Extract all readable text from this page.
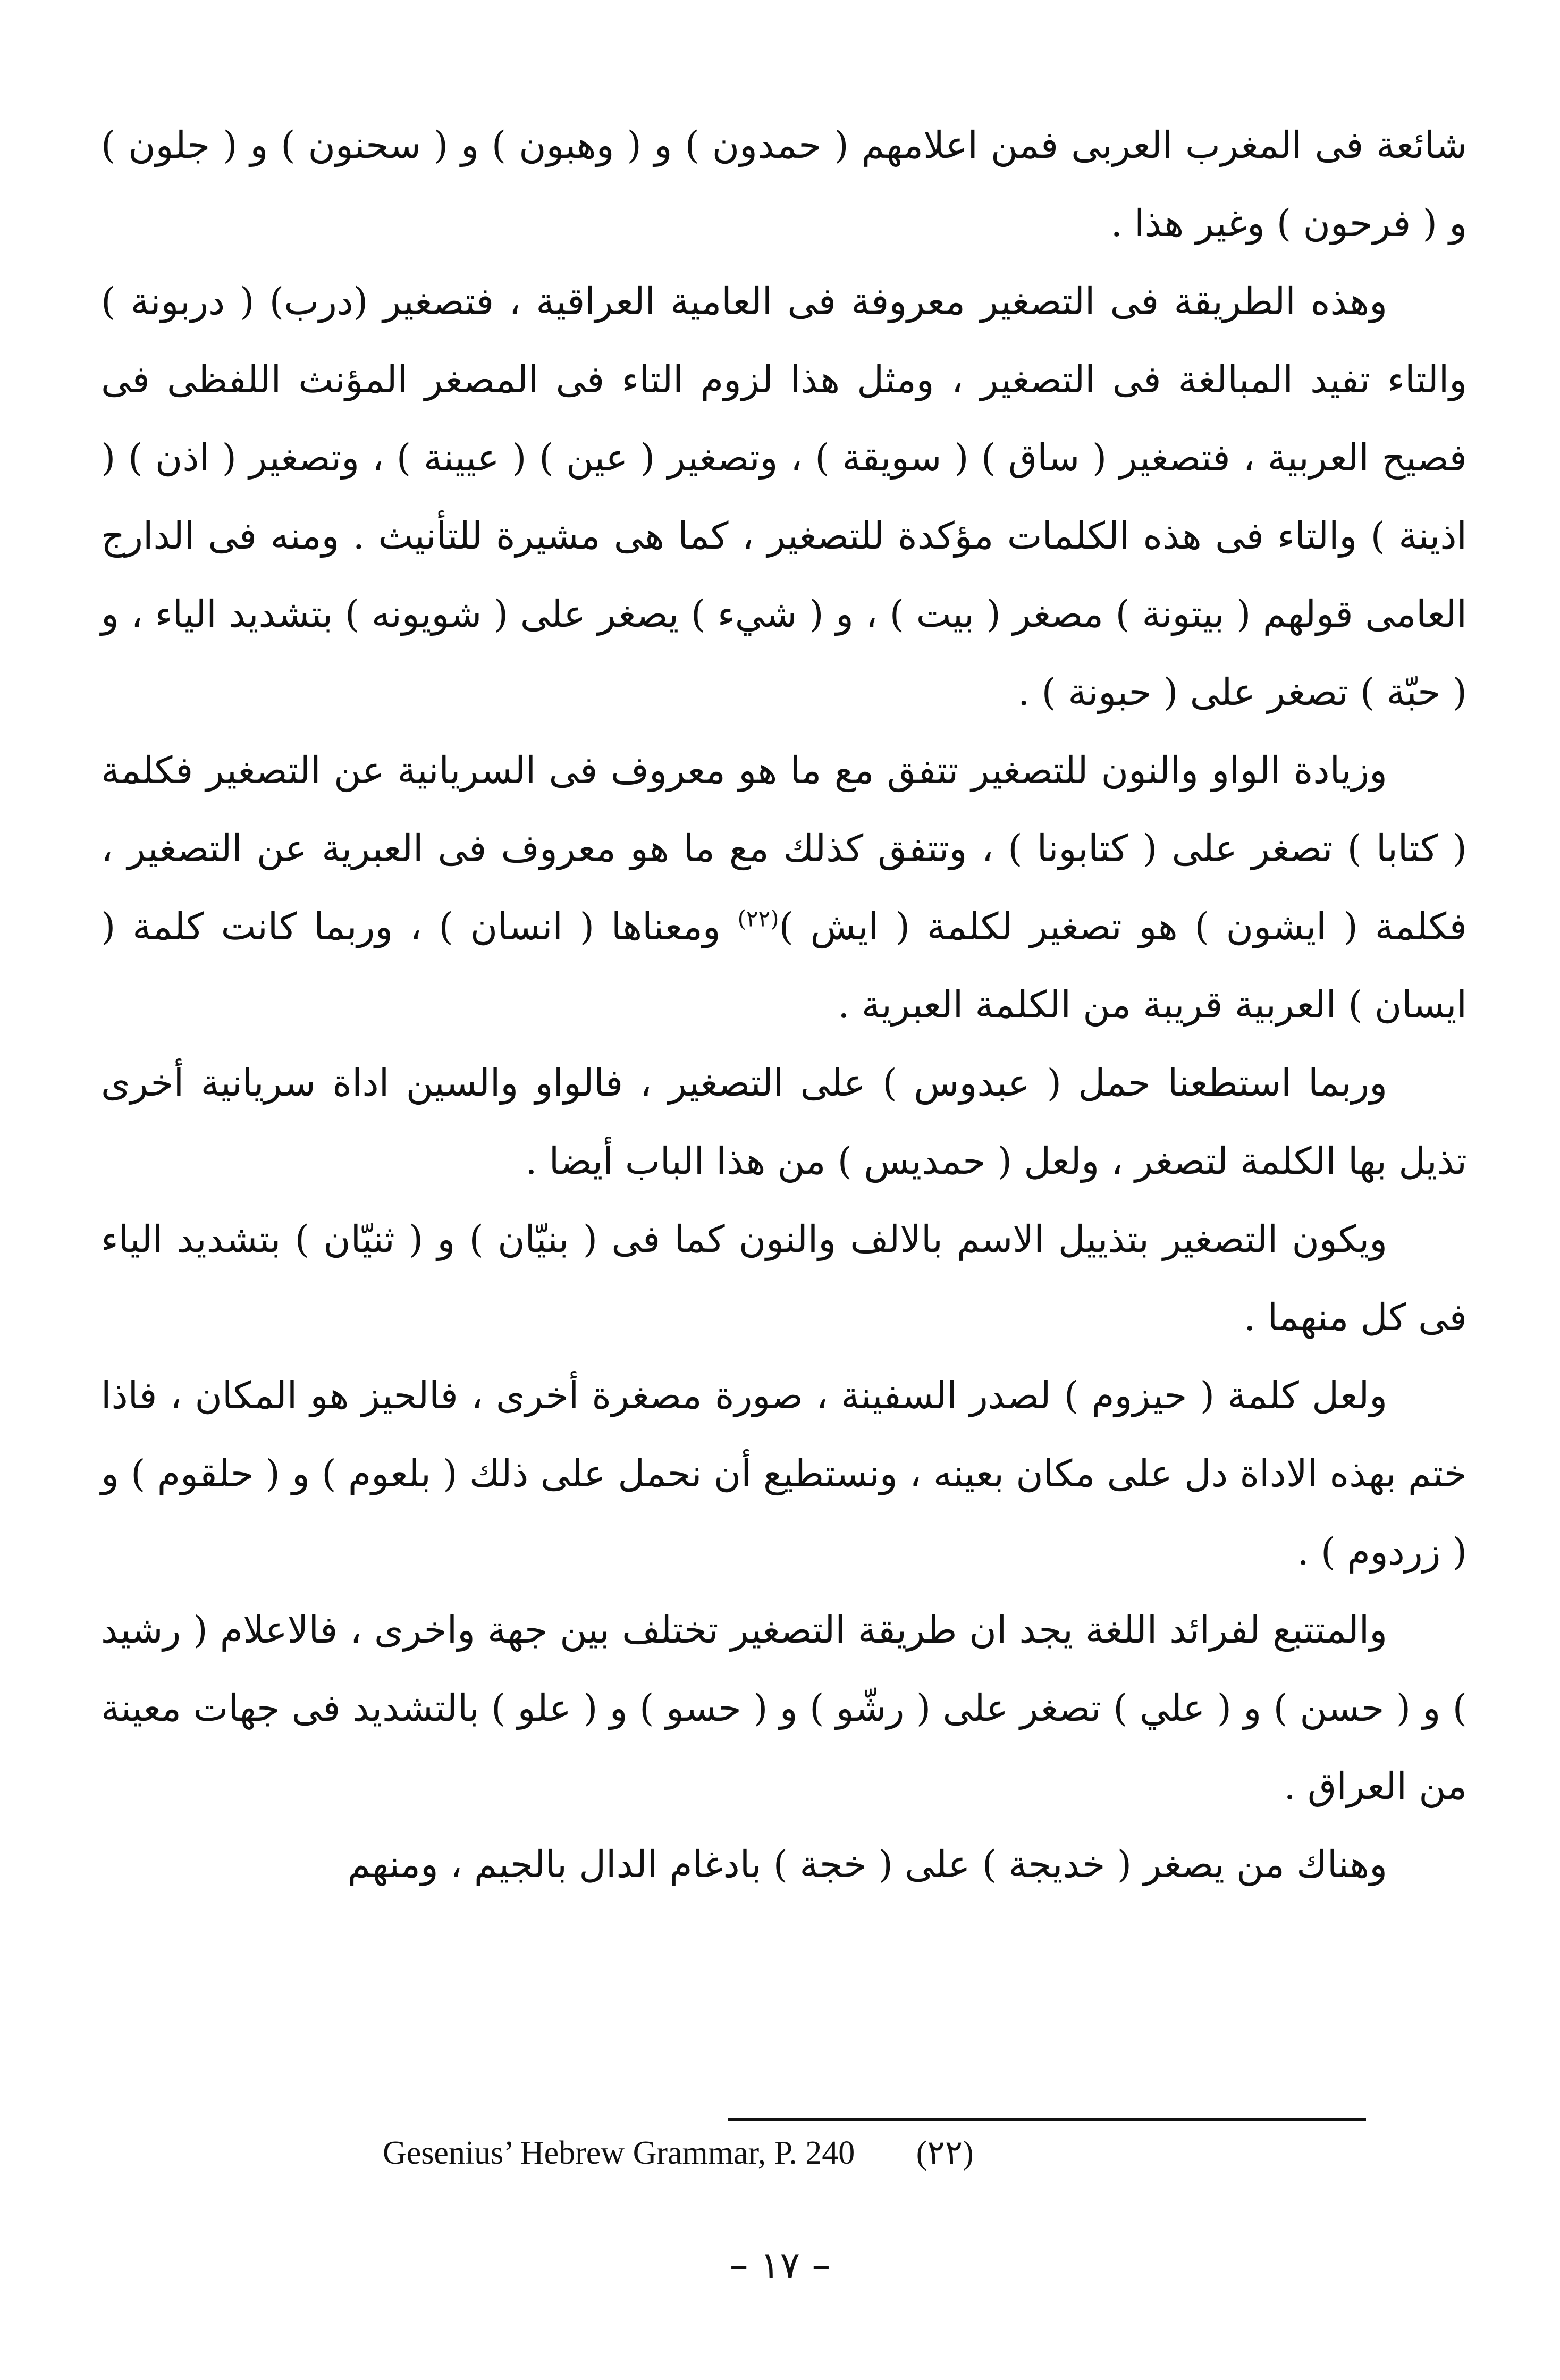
شائعة فى المغرب العربى فمن اعلامهم ( حمدون ) و ( وهبون ) و ( سحنون ) و ( جلون ) و ( فرحون ) وغير هذا .

وهذه الطريقة فى التصغير معروفة فى العامية العراقية ، فتصغير (درب) ( دربونة ) والتاء تفيد المبالغة فى التصغير ، ومثل هذا لزوم التاء فى المصغر المؤنث اللفظى فى فصيح العربية ، فتصغير ( ساق ) ( سويقة ) ، وتصغير ( عين ) ( عيينة ) ، وتصغير ( اذن ) ( اذينة ) والتاء فى هذه الكلمات مؤكدة للتصغير ، كما هى مشيرة للتأنيث . ومنه فى الدارج العامى قولهم ( بيتونة ) مصغر ( بيت ) ، و ( شيء ) يصغر على ( شويونه ) بتشديد الياء ، و ( حبّة ) تصغر على ( حبونة ) .

وزيادة الواو والنون للتصغير تتفق مع ما هو معروف فى السريانية عن التصغير فكلمة ( كتابا ) تصغر على ( كتابونا ) ، وتتفق كذلك مع ما هو معروف فى العبرية عن التصغير ، فكلمة ( ايشون ) هو تصغير لكلمة ( ايش )$^{(٢٢)}$ ومعناها ( انسان ) ، وربما كانت كلمة ( ايسان ) العربية قريبة من الكلمة العبرية .

وربما استطعنا حمل ( عبدوس ) على التصغير ، فالواو والسين اداة سريانية أخرى تذيل بها الكلمة لتصغر ، ولعل ( حمديس ) من هذا الباب أيضا .

ويكون التصغير بتذييل الاسم بالالف والنون كما فى ( بنيّان ) و ( ثنيّان ) بتشديد الياء فى كل منهما .

ولعل كلمة ( حيزوم ) لصدر السفينة ، صورة مصغرة أخرى ، فالحيز هو المكان ، فاذا ختم بهذه الاداة دل على مكان بعينه ، ونستطيع أن نحمل على ذلك ( بلعوم ) و ( حلقوم ) و ( زردوم ) .

والمتتبع لفرائد اللغة يجد ان طريقة التصغير تختلف بين جهة واخرى ، فالاعلام ( رشيد ) و ( حسن ) و ( علي ) تصغر على ( رشّو ) و ( حسو ) و ( علو ) بالتشديد فى جهات معينة من العراق .

وهناك من يصغر ( خديجة ) على ( خجة ) بادغام الدال بالجيم ، ومنهم

Gesenius’ Hebrew Grammar, P. 240 (٢٢)
– ١٧ –
